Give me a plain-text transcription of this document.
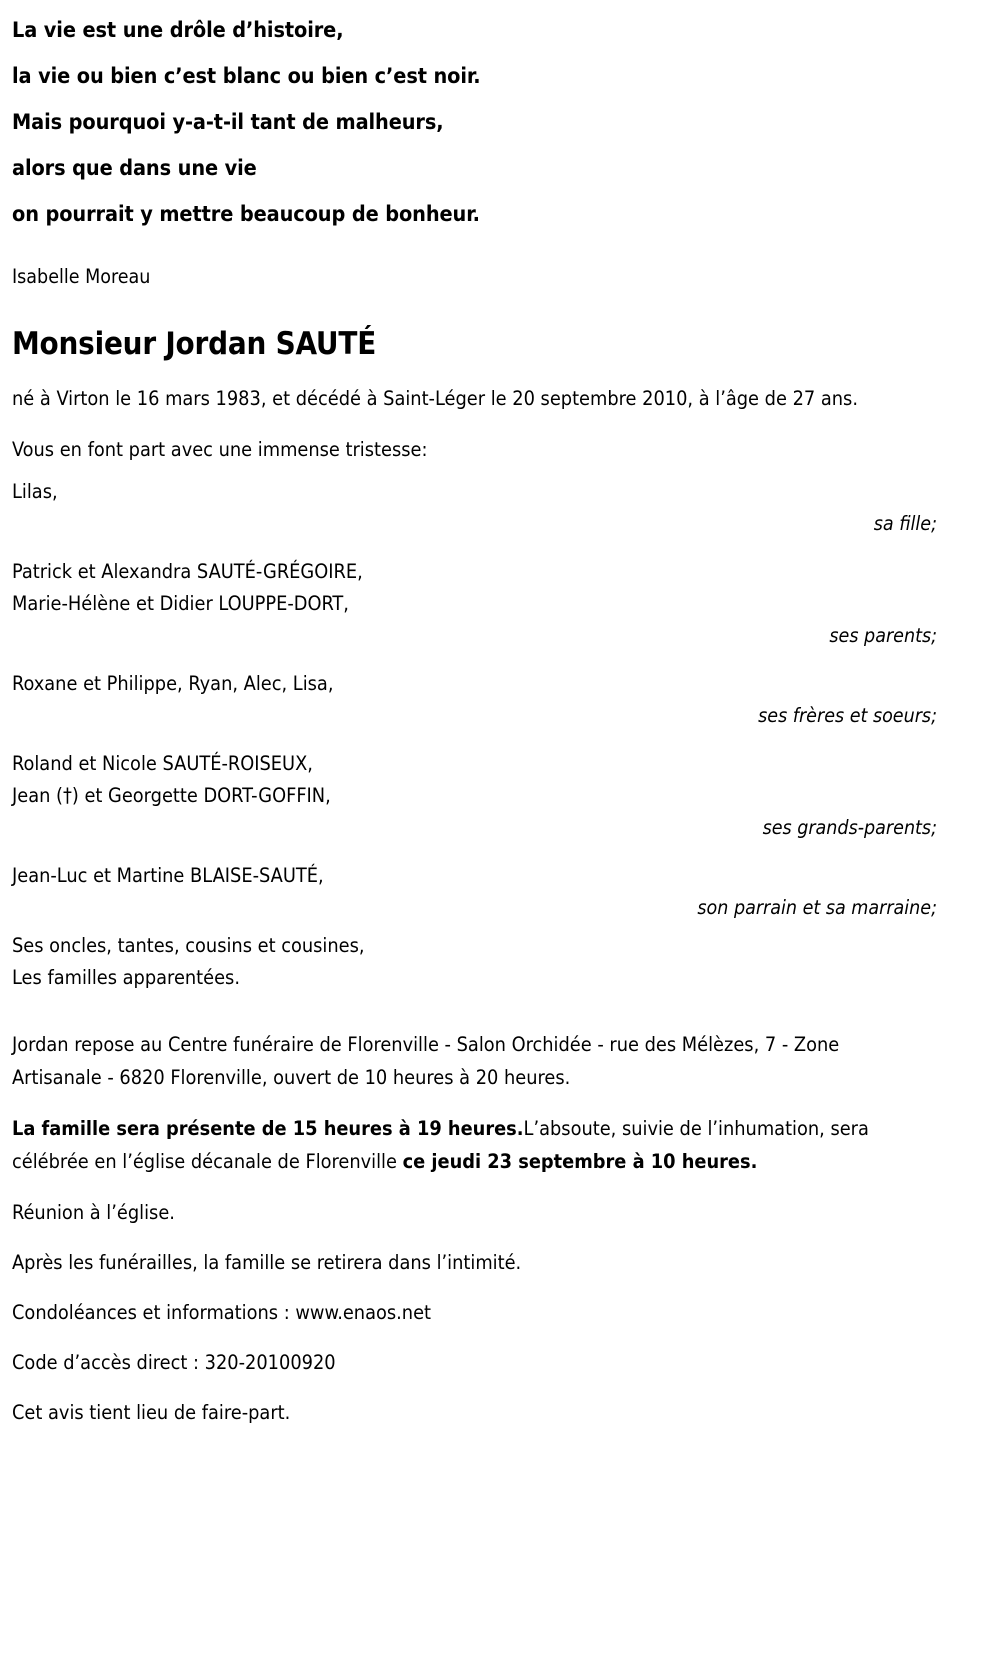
La vie est une drôle d’histoire,
la vie ou bien c’est blanc ou bien c’est noir.
Mais pourquoi y-a-t-il tant de malheurs,
alors que dans une vie
on pourrait y mettre beaucoup de bonheur.
Isabelle Moreau
Monsieur Jordan SAUTÉ

né à Virton le 16 mars 1983, et décédé à Saint-Léger le 20 septembre 2010, à l’âge de 27 ans.

Vous en font part avec une immense tristesse:

Lilas,
sa fille;
Patrick et Alexandra SAUTÉ-GRÉGOIRE,
Marie-Hélène et Didier LOUPPE-DORT,
ses parents;
Roxane et Philippe, Ryan, Alec, Lisa,
ses frères et soeurs;
Roland et Nicole SAUTÉ-ROISEUX,
Jean (†) et Georgette DORT-GOFFIN,
ses grands-parents;
Jean-Luc et Martine BLAISE-SAUTÉ,
son parrain et sa marraine;
Ses oncles, tantes, cousins et cousines,
Les familles apparentées.

Jordan repose au Centre funéraire de Florenville - Salon Orchidée - rue des Mélèzes, 7 - Zone Artisanale - 6820 Florenville, ouvert de 10 heures à 20 heures.

La famille sera présente de 15 heures à 19 heures.L’absoute, suivie de l’inhumation, sera célébrée en l’église décanale de Florenville ce jeudi 23 septembre à 10 heures.

Réunion à l’église.
Après les funérailles, la famille se retirera dans l’intimité.
Condoléances et informations : www.enaos.net
Code d’accès direct : 320-20100920
Cet avis tient lieu de faire-part.
